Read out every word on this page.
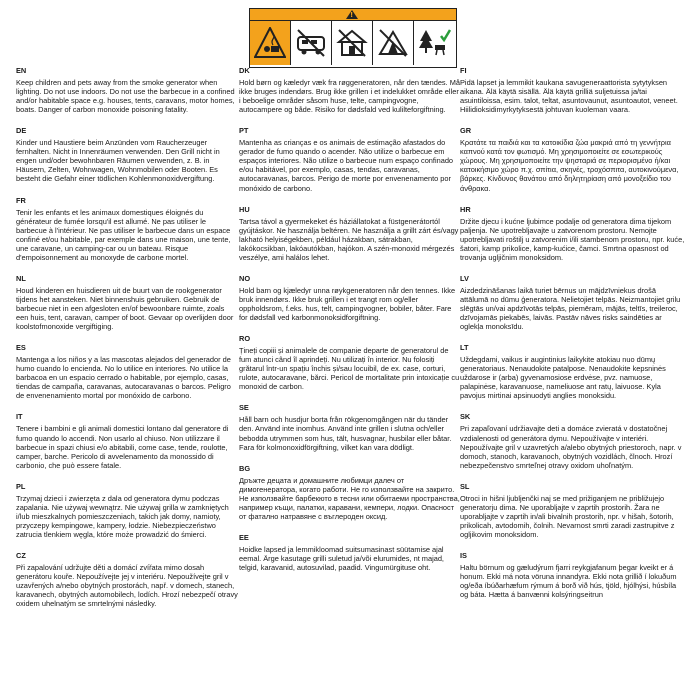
!
EN
Keep children and pets away from the smoke generator when lighting. Do not use indoors. Do not use the barbecue in a confined and/or habitable space e.g. houses, tents, caravans, motor homes, boats. Danger of carbon monoxide poisoning fatality.
DE
Kinder und Haustiere beim Anzünden vom Raucherzeuger fernhalten. Nicht in Innenräumen verwenden. Den Grill nicht in engen und/oder bewohnbaren Räumen verwenden, z. B. in Häusern, Zelten, Wohnwagen, Wohnmobilen oder Booten. Es besteht die Gefahr einer tödlichen Kohlenmonoxidvergiftung.
FR
Tenir les enfants et les animaux domestiques éloignés du générateur de fumée lorsqu'il est allumé. Ne pas utiliser le barbecue à l'intérieur. Ne pas utiliser le barbecue dans un espace confiné et/ou habitable, par exemple dans une maison, une tente, une caravane, un camping-car ou un bateau. Risque d'empoisonnement au monoxyde de carbone mortel.
NL
Houd kinderen en huisdieren uit de buurt van de rookgenerator tijdens het aansteken. Niet binnenshuis gebruiken. Gebruik de barbecue niet in een afgesloten en/of bewoonbare ruimte, zoals een huis, tent, caravan, camper of boot. Gevaar op overlijden door koolstofmonoxide vergiftiging.
ES
Mantenga a los niños y a las mascotas alejados del generador de humo cuando lo encienda. No lo utilice en interiores. No utilice la barbacoa en un espacio cerrado o habitable, por ejemplo, casas, tiendas de campaña, caravanas, autocaravanas o barcos. Peligro de envenenamiento mortal por monóxido de carbono.
IT
Tenere i bambini e gli animali domestici lontano dal generatore di fumo quando lo accendi. Non usarlo al chiuso. Non utilizzare il barbecue in spazi chiusi e/o abitabili, come case, tende, roulotte, camper, barche. Pericolo di avvelenamento da monossido di carbonio, che può essere fatale.
PL
Trzymaj dzieci i zwierzęta z dala od generatora dymu podczas zapalania. Nie używaj wewnątrz. Nie używaj grilla w zamkniętych i/lub mieszkalnych pomieszczeniach, takich jak domy, namioty, przyczepy kempingowe, kampery, łodzie. Niebezpieczeństwo zatrucia tlenkiem węgla, które może prowadzić do śmierci.
CZ
Při zapalování udržujte děti a domácí zvířata mimo dosah generátoru kouře. Nepoužívejte jej v interiéru. Nepoužívejte gril v uzavřených a/nebo obytných prostorách, např. v domech, stanech, karavanech, obytných automobilech, lodích. Hrozí nebezpečí otravy oxidem uhelnatým se smrtelnými následky.
DK
Hold børn og kæledyr væk fra røggeneratoren, når den tændes. Må ikke bruges indendørs. Brug ikke grillen i et indelukket område eller i beboelige områder såsom huse, telte, campingvogne, autocampere og både. Risiko for dødsfald ved kulilteforgiftning.
PT
Mantenha as crianças e os animais de estimação afastados do gerador de fumo quando o acender. Não utilize o barbecue em espaços interiores. Não utilize o barbecue num espaço confinado e/ou habitável, por exemplo, casas, tendas, caravanas, autocaravanas, barcos. Perigo de morte por envenenamento por monóxido de carbono.
HU
Tartsa távol a gyermekeket és háziállatokat a füstgenerátortól gyújtáskor. Ne használja beltéren. Ne használja a grillt zárt és/vagy lakható helyiségekben, például házakban, sátrakban, lakókocsikban, lakóautókban, hajókon. A szén-monoxid mérgezés veszélye, ami halálos lehet.
NO
Hold barn og kjæledyr unna røykgeneratoren når den tennes. Ikke bruk innendørs. Ikke bruk grillen i et trangt rom og/eller oppholdsrom, f.eks. hus, telt, campingvogner, bobiler, båter. Fare for dødsfall ved karbonmonoksidforgiftning.
RO
Țineți copiii și animalele de companie departe de generatorul de fum atunci când îl aprindeți. Nu utilizați în interior. Nu folosiți grătarul într-un spațiu închis și/sau locuibil, de ex. case, corturi, rulote, autocaravane, bărci. Pericol de mortalitate prin intoxicație cu monoxid de carbon.
SE
Håll barn och husdjur borta från rökgenomgången när du tänder den. Använd inte inomhus. Använd inte grillen i slutna och/eller bebodda utrymmen som hus, tält, husvagnar, husbilar eller båtar. Fara för kolmonoxidförgiftning, vilket kan vara dödligt.
BG
Дръжте децата и домашните любимци далеч от димогенератора, когато работи. Не го използвайте на закрито. Не използвайте барбекюто в тесни или обитаеми пространства, например къщи, палатки, каравани, кемпери, лодки. Опасност от фатално натравяне с въглероден оксид.
EE
Hoidke lapsed ja lemmikloomad suitsumasinast süütamise ajal eemal. Ärge kasutage grilli suletud ja/või elurumides, nt majad, telgid, karavanid, autosuvilad, paadid. Vingumürgituse oht.
FI
Pidä lapset ja lemmikit kaukana savugeneraattorista sytytyksen aikana. Älä käytä sisällä. Älä käytä grilliä suljetuissa ja/tai asuintiloissa, esim. talot, teltat, asuntovaunut, asuntoautot, veneet. Hiilidioksidimyrkytyksestä johtuvan kuoleman vaara.
GR
Κρατάτε τα παιδιά και τα κατοικίδια ζώα μακριά από τη γεννήτρια καπνού κατά τον φωτισμό. Μη χρησιμοποιείτε σε εσωτερικούς χώρους. Μη χρησιμοποιείτε την ψησταριά σε περιορισμένο ή/και κατοικήσιμο χώρο π.χ. σπίτια, σκηνές, τροχόσπιτα, αυτοκινούμενα, βάρκες. Κίνδυνος θανάτου από δηλητηρίαση από μονοξείδιο του άνθρακα.
HR
Držite djecu i kućne ljubimce podalje od generatora dima tijekom paljenja. Ne upotrebljavajte u zatvorenom prostoru. Nemojte upotrebljavati roštilj u zatvorenim i/ili stambenom prostoru, npr. kuće, šatori, kamp prikolice, kamp-kućice, čamci. Smrtna opasnost od trovanja ugljičnim monoksidom.
LV
Aizdedzināšanas laikā turiet bērnus un mājdzīvniekus drošā attālumā no dūmu ģeneratora. Nelietojiet telpās. Neizmantojiet grilu slēgtās un/vai apdzīvotās telpās, piemēram, mājās, teltīs, treilerос, dzīvojamās piekabēs, laivās. Pastāv nāves risks saindēties ar oglekļa monoksīdu.
LT
Uždegdami, vaikus ir augintinius laikykite atokiau nuo dūmų generatoriaus. Nenaudokite patalpose. Nenaudokite kepsninės uždarose ir (arba) gyvenamosiose erdvėse, pvz. namuose, palapinėse, karavanuose, nameliuose ant ratų, laivuose. Kyla pavojus mirtinai apsinuodyti anglies monoksidu.
SK
Pri zapaľovaní udržiavajte deti a domáce zvieratá v dostatočnej vzdialenosti od generátora dymu. Nepoužívajte v interiéri. Nepoužívajte gril v uzavretých a/alebo obytných priestoroch, napr. v domoch, stanoch, karavanoch, obytných vozidlách, člnoch. Hrozí nebezpečenstvo smrteľnej otravy oxidom uhoľnatým.
SL
Otroci in hišni ljubljenčki naj se med prižiganjem ne približujejo generatorju dima. Ne uporabljajte v zaprtih prostorih. Žara ne uporabljajte v zaprtih in/ali bivalnih prostorih, npr. v hišah, šotorih, prikolicah, avtodomih, čolnih. Nevarnost smrti zaradi zastrupitve z ogljikovim monoksidom.
IS
Haltu börnum og gæludýrum fjarri reykgjafanum þegar kveikt er á honum. Ekki má nota vöruna innandyra. Ekki nota grillið í lokuðum og/eða íbúðarhæfum rýmum á borð við hús, tjöld, hjólhýsi, húsbíla og báta. Hætta á banvænni kolsýringseitrun
